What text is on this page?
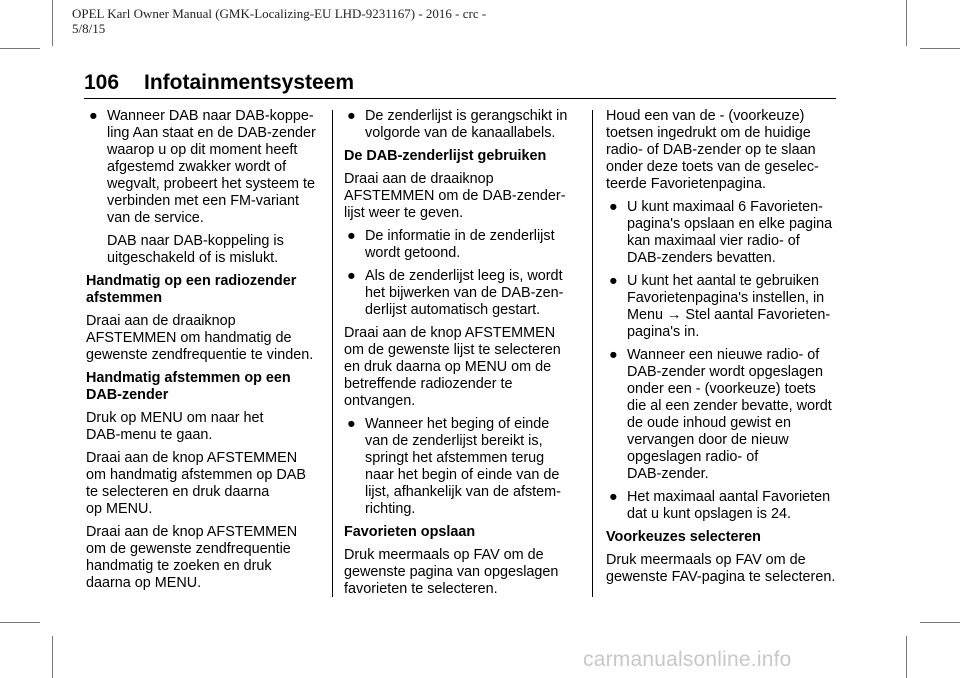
OPEL Karl Owner Manual (GMK-Localizing-EU LHD-9231167) - 2016 - crc -
5/8/15
106 Infotainmentsysteem
● Wanneer DAB naar DAB-koppe-
ling Aan staat en de DAB-zender
waarop u op dit moment heeft
afgestemd zwakker wordt of
wegvalt, probeert het systeem te
verbinden met een FM-variant
van de service.

DAB naar DAB-koppeling is
uitgeschakeld of is mislukt.

Handmatig op een radiozender
afstemmen

Draai aan de draaiknop
AFSTEMMEN om handmatig de
gewenste zendfrequentie te vinden.

Handmatig afstemmen op een
DAB-zender

Druk op MENU om naar het
DAB-menu te gaan.

Draai aan de knop AFSTEMMEN
om handmatig afstemmen op DAB
te selecteren en druk daarna
op MENU.

Draai aan de knop AFSTEMMEN
om de gewenste zendfrequentie
handmatig te zoeken en druk
daarna op MENU.

● De zenderlijst is gerangschikt in
volgorde van de kanaallabels.

De DAB-zenderlijst gebruiken

Draai aan de draaiknop
AFSTEMMEN om de DAB-zender-
lijst weer te geven.

● De informatie in de zenderlijst
wordt getoond.
● Als de zenderlijst leeg is, wordt
het bijwerken van de DAB-zen-
derlijst automatisch gestart.

Draai aan de knop AFSTEMMEN
om de gewenste lijst te selecteren
en druk daarna op MENU om de
betreffende radiozender te
ontvangen.

● Wanneer het beging of einde
van de zenderlijst bereikt is,
springt het afstemmen terug
naar het begin of einde van de
lijst, afhankelijk van de afstem-
richting.

Favorieten opslaan

Druk meermaals op FAV om de
gewenste pagina van opgeslagen
favorieten te selecteren.

Houd een van de - (voorkeuze)
toetsen ingedrukt om de huidige
radio- of DAB-zender op te slaan
onder deze toets van de geselec-
teerde Favorietenpagina.

● U kunt maximaal 6 Favorieten-
pagina's opslaan en elke pagina
kan maximaal vier radio- of
DAB-zenders bevatten.
● U kunt het aantal te gebruiken
Favorietenpagina's instellen, in
Menu → Stel aantal Favorieten-
pagina's in.
● Wanneer een nieuwe radio- of
DAB-zender wordt opgeslagen
onder een - (voorkeuze) toets
die al een zender bevatte, wordt
de oude inhoud gewist en
vervangen door de nieuw
opgeslagen radio- of
DAB-zender.
● Het maximaal aantal Favorieten
dat u kunt opslagen is 24.

Voorkeuzes selecteren

Druk meermaals op FAV om de
gewenste FAV-pagina te selecteren.

carmanualsonline.info
